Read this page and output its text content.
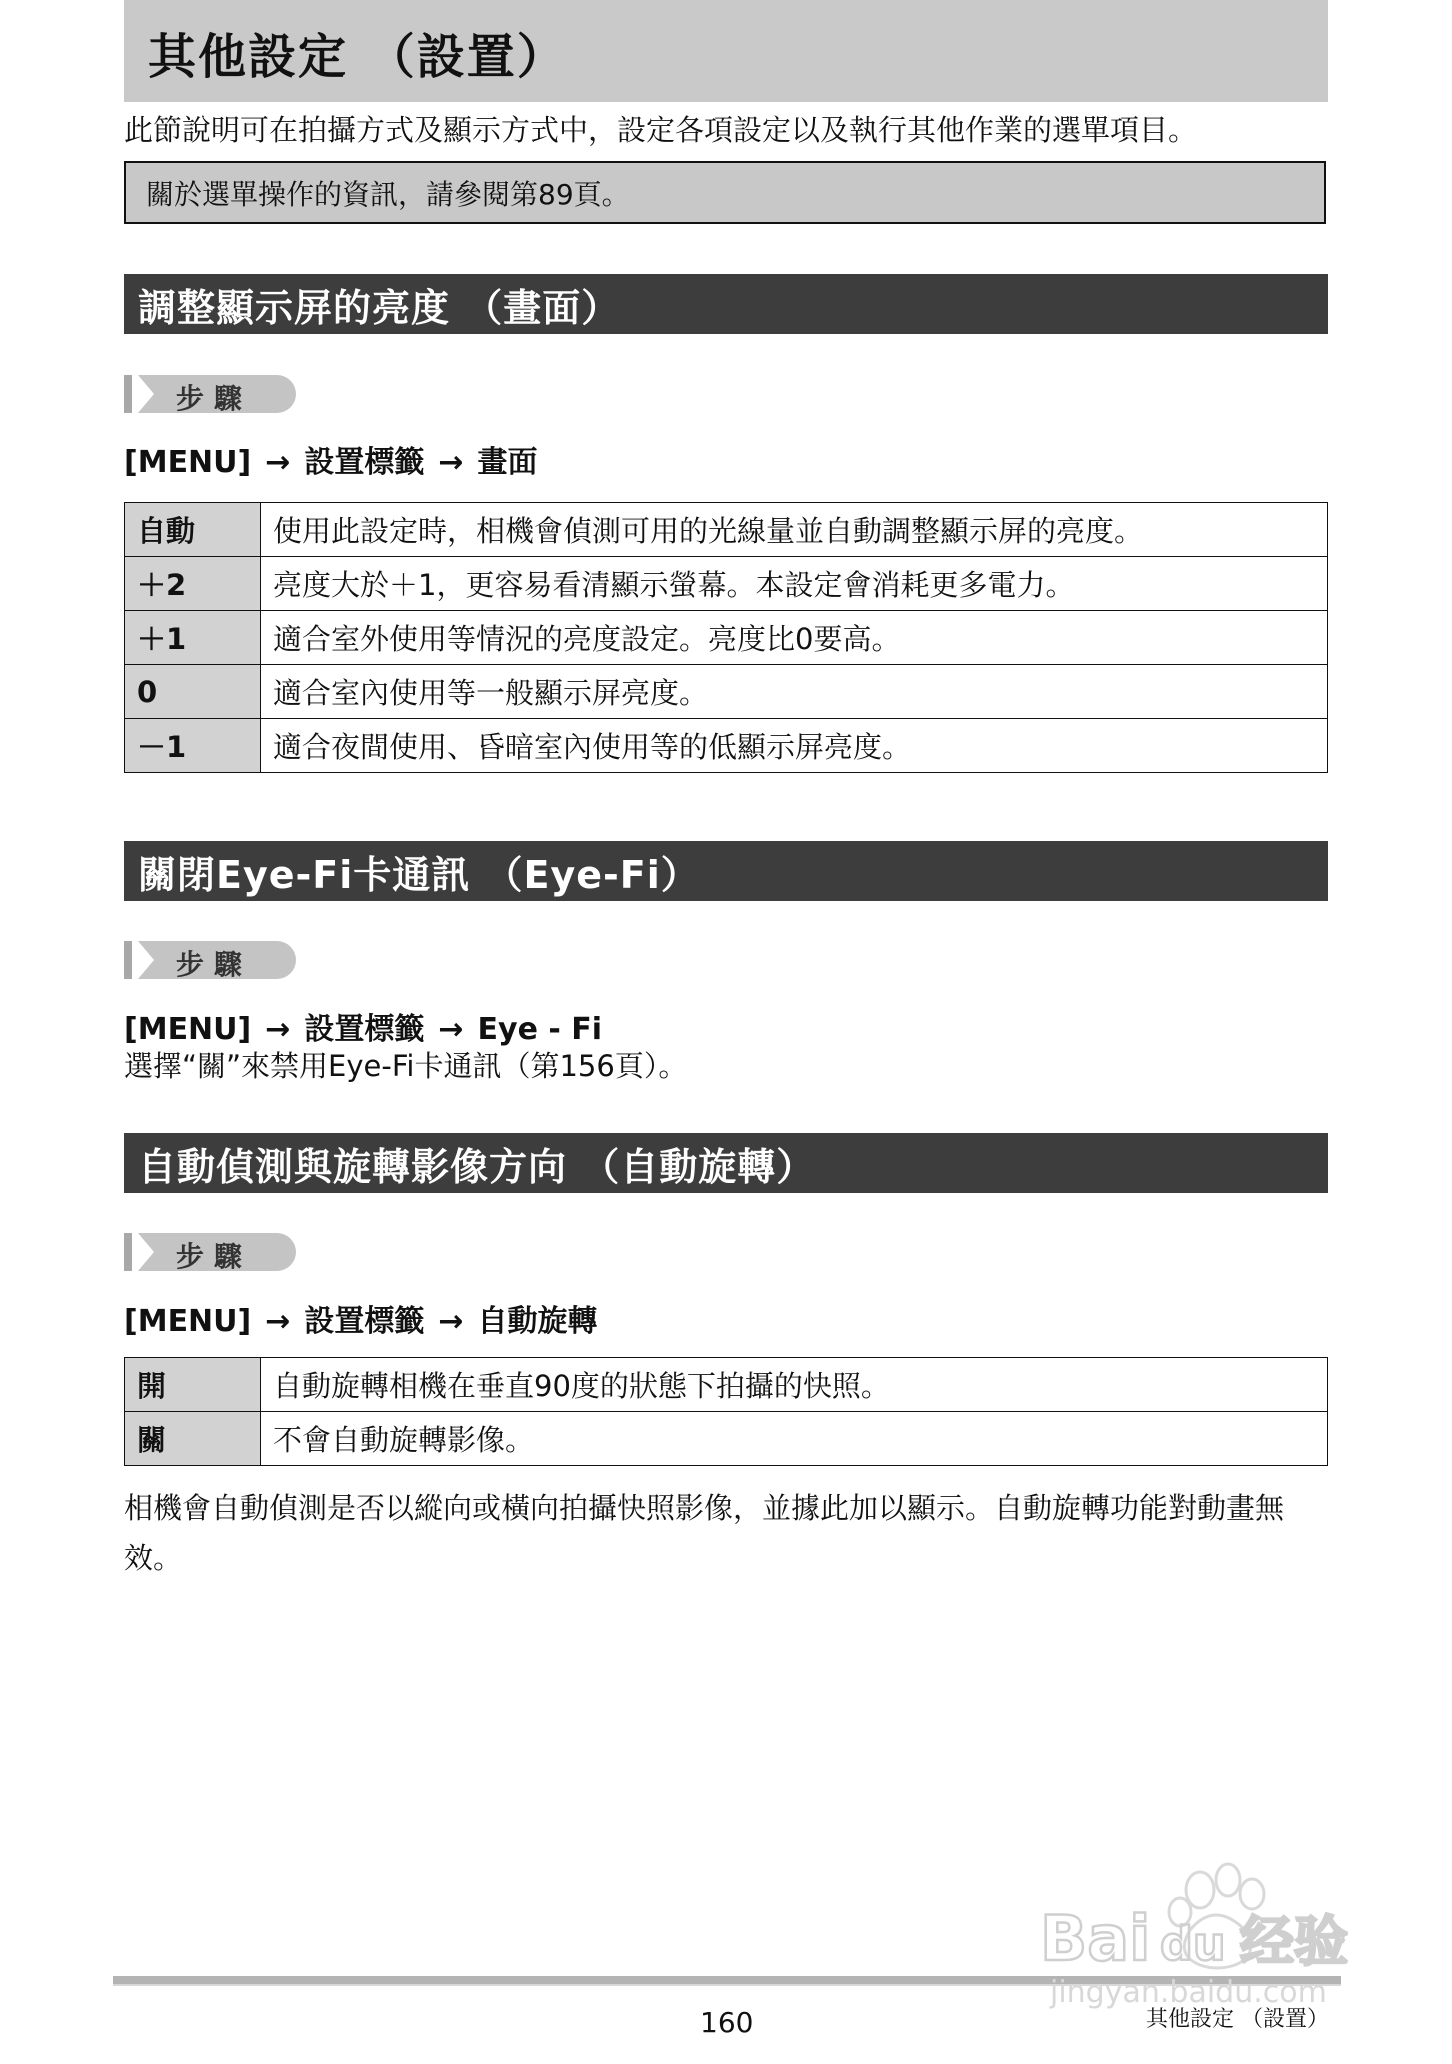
其他設定 （設置）
此節說明可在拍攝方式及顯示方式中，設定各項設定以及執行其他作業的選單項目。
關於選單操作的資訊，請參閱第89頁。
調整顯示屏的亮度 （畫面）
步驟
[MENU] → 設置標籤 → 畫面
自動	使用此設定時，相機會偵測可用的光線量並自動調整顯示屏的亮度。
＋2	亮度大於＋1，更容易看清顯示螢幕。本設定會消耗更多電力。
＋1	適合室外使用等情況的亮度設定。亮度比0要高。
0	適合室內使用等一般顯示屏亮度。
－1	適合夜間使用、昏暗室內使用等的低顯示屏亮度。
關閉Eye-Fi卡通訊 （Eye-Fi）
步驟
[MENU] → 設置標籤 → Eye - Fi
選擇“關”來禁用Eye-Fi卡通訊（第156頁）。
自動偵測與旋轉影像方向 （自動旋轉）
步驟
[MENU] → 設置標籤 → 自動旋轉
開	自動旋轉相機在垂直90度的狀態下拍攝的快照。
關	不會自動旋轉影像。
相機會自動偵測是否以縱向或橫向拍攝快照影像，並據此加以顯示。自動旋轉功能對動畫無效。
160	其他設定 （設置）
Bai du 经验
jingyan.baidu.com
